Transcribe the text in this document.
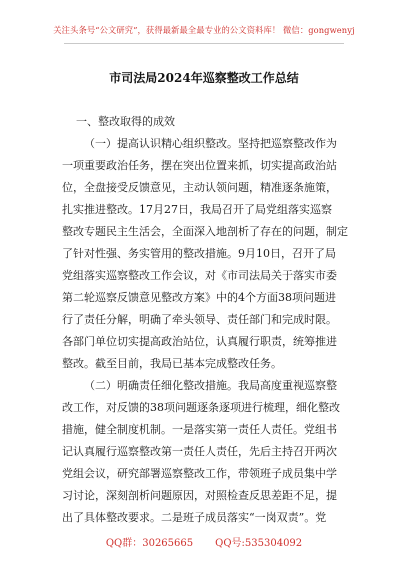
关注头条号“公文研究”，获得最新最全最专业的公文资料库！ 微信：gongwenyj
市司法局2024年巡察整改工作总结
一、整改取得的成效
（一）提高认识精心组织整改。坚持把巡察整改作为
一项重要政治任务，摆在突出位置来抓，切实提高政治站
位，全盘接受反馈意见，主动认领问题，精准逐条施策，
扎实推进整改。17月27日，我局召开了局党组落实巡察
整改专题民主生活会，全面深入地剖析了存在的问题，制定
了针对性强、务实管用的整改措施。9月10日，召开了局
党组落实巡察整改工作会议，对《市司法局关于落实市委
第二轮巡察反馈意见整改方案》中的4个方面38项问题进
行了责任分解，明确了牵头领导、责任部门和完成时限。
各部门单位切实提高政治站位，认真履行职责，统筹推进
整改。截至目前，我局已基本完成整改任务。
（二）明确责任细化整改措施。我局高度重视巡察整
改工作，对反馈的38项问题逐条逐项进行梳理，细化整改
措施，健全制度机制。一是落实第一责任人责任。党组书
记认真履行巡察整改第一责任人责任，先后主持召开两次
党组会议，研究部署巡察整改工作，带领班子成员集中学
习讨论，深刻剖析问题原因，对照检查反思差距不足，提
出了具体整改要求。二是班子成员落实“一岗双责”。党
QQ群：30265665 QQ号:535304092
